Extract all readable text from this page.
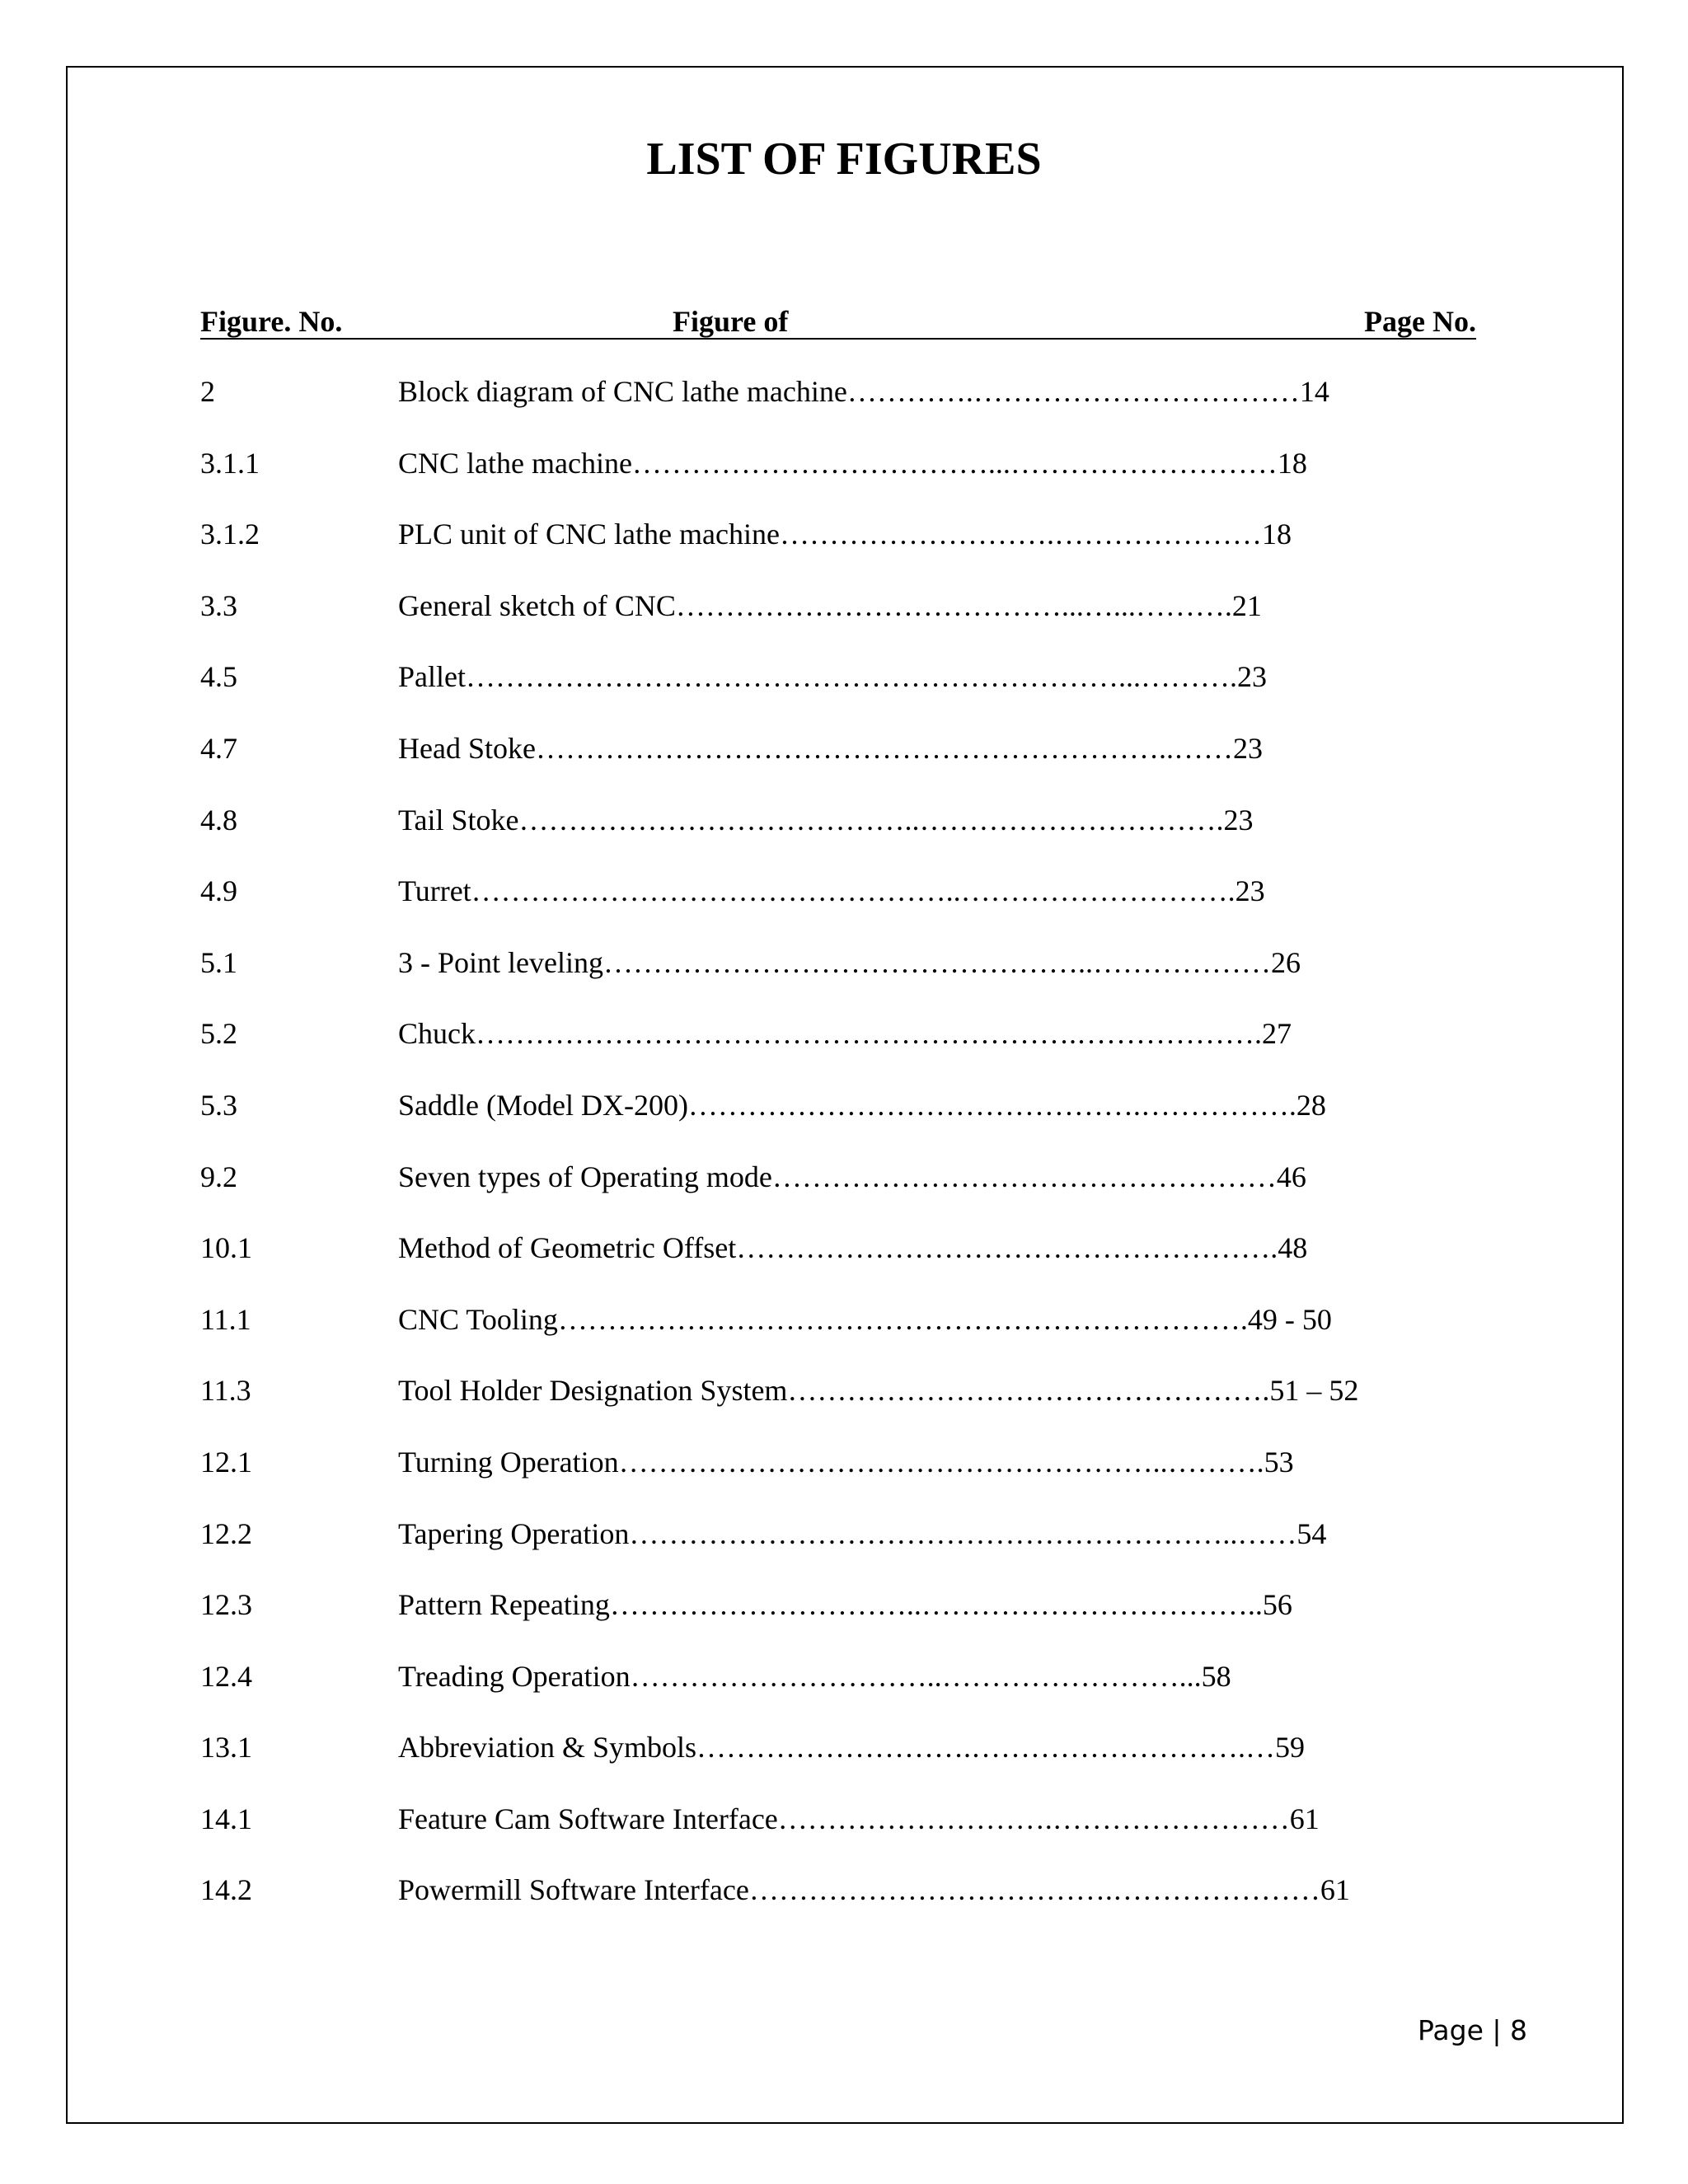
LIST OF FIGURES
Figure. No.	Figure of	Page No.
2	Block diagram of CNC lathe machine………….……………………………14
3.1.1	CNC lathe machine………………………………...………………………18
3.1.2	PLC unit of CNC lathe machine……………………….…………………18
3.3	General sketch of CNC…………………………………...…...……….21
4.5	Pallet…………………………………………………………...……….23
4.7	Head Stoke………………………………………………………..……23
4.8	Tail Stoke…………………………………..………………………….23
4.9	Turret…………………………………………..……………………….23
5.1	3 - Point leveling…………………………………………..………………26
5.2	Chuck…………………………………………………….……………….27
5.3	Saddle (Model DX-200)……………………………………….…………….28
9.2	Seven types of Operating mode……………………………………………46
10.1	Method of Geometric Offset……………………………………………….48
11.1	CNC Tooling…………………………………………………………….49 - 50
11.3	Tool Holder Designation System………………………………………….51 – 52
12.1	Turning Operation………………………………………………..……….53
12.2	Tapering Operation……………………………………………………..……54
12.3	Pattern Repeating…………………………..……………………………..56
12.4	Treading Operation…………………………..……………………...58
13.1	Abbreviation & Symbols……………………….……………………….…59
14.1	Feature Cam Software Interface……………………….……………………61
14.2	Powermill Software Interface……………………………….…………………61
Page | 8
